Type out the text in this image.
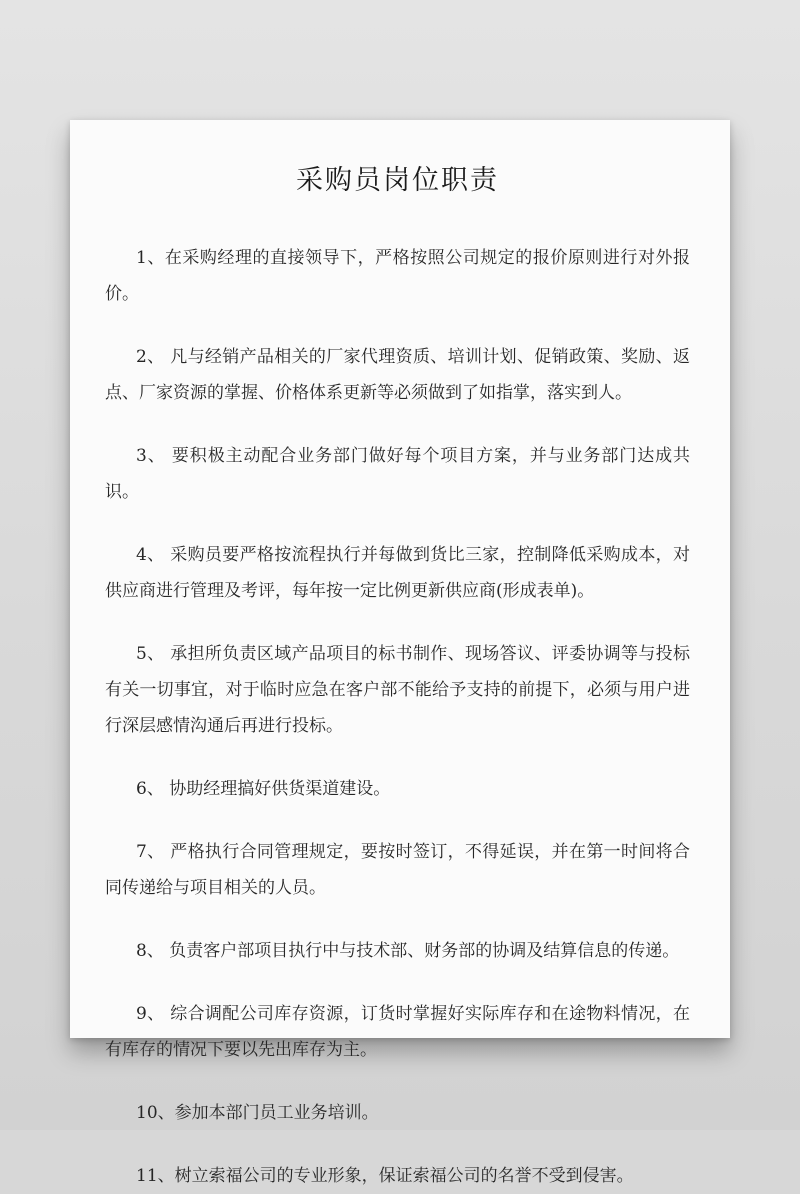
采购员岗位职责

1、在采购经理的直接领导下，严格按照公司规定的报价原则进行对外报价。

2、 凡与经销产品相关的厂家代理资质、培训计划、促销政策、奖励、返点、厂家资源的掌握、价格体系更新等必须做到了如指掌，落实到人。

3、 要积极主动配合业务部门做好每个项目方案，并与业务部门达成共识。

4、 采购员要严格按流程执行并每做到货比三家，控制降低采购成本，对供应商进行管理及考评，每年按一定比例更新供应商(形成表单)。

5、 承担所负责区域产品项目的标书制作、现场答议、评委协调等与投标有关一切事宜，对于临时应急在客户部不能给予支持的前提下，必须与用户进行深层感情沟通后再进行投标。

6、 协助经理搞好供货渠道建设。

7、 严格执行合同管理规定，要按时签订，不得延误，并在第一时间将合同传递给与项目相关的人员。

8、 负责客户部项目执行中与技术部、财务部的协调及结算信息的传递。

9、 综合调配公司库存资源，订货时掌握好实际库存和在途物料情况，在有库存的情况下要以先出库存为主。

10、参加本部门员工业务培训。

11、树立索福公司的专业形象，保证索福公司的名誉不受到侵害。
